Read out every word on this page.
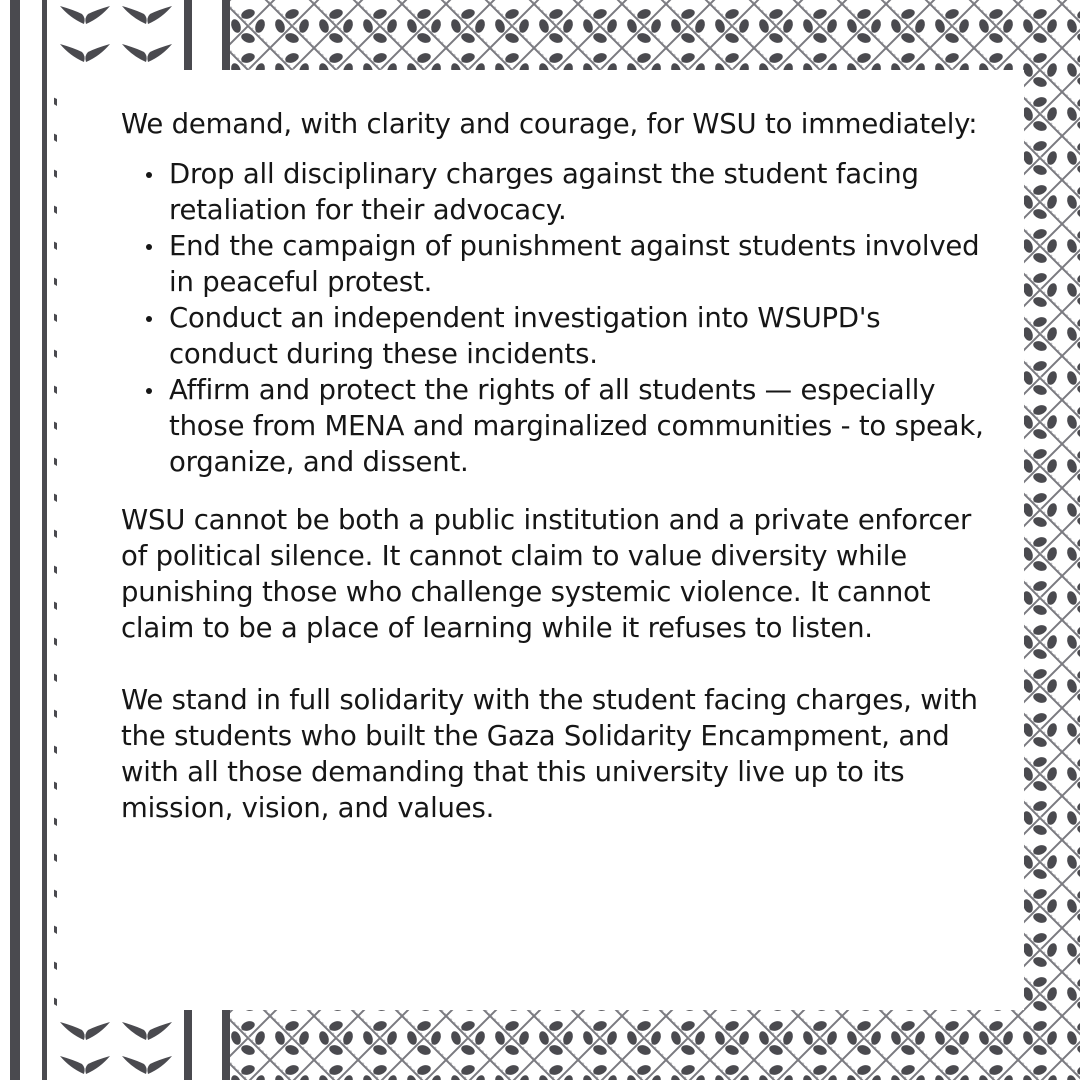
We demand, with clarity and courage, for WSU to immediately:

Drop all disciplinary charges against the student facing retaliation for their advocacy.
End the campaign of punishment against students involved in peaceful protest.
Conduct an independent investigation into WSUPD's conduct during these incidents.
Affirm and protect the rights of all students — especially those from MENA and marginalized communities - to speak, organize, and dissent.

WSU cannot be both a public institution and a private enforcer of political silence. It cannot claim to value diversity while punishing those who challenge systemic violence. It cannot claim to be a place of learning while it refuses to listen.

We stand in full solidarity with the student facing charges, with the students who built the Gaza Solidarity Encampment, and with all those demanding that this university live up to its mission, vision, and values.
